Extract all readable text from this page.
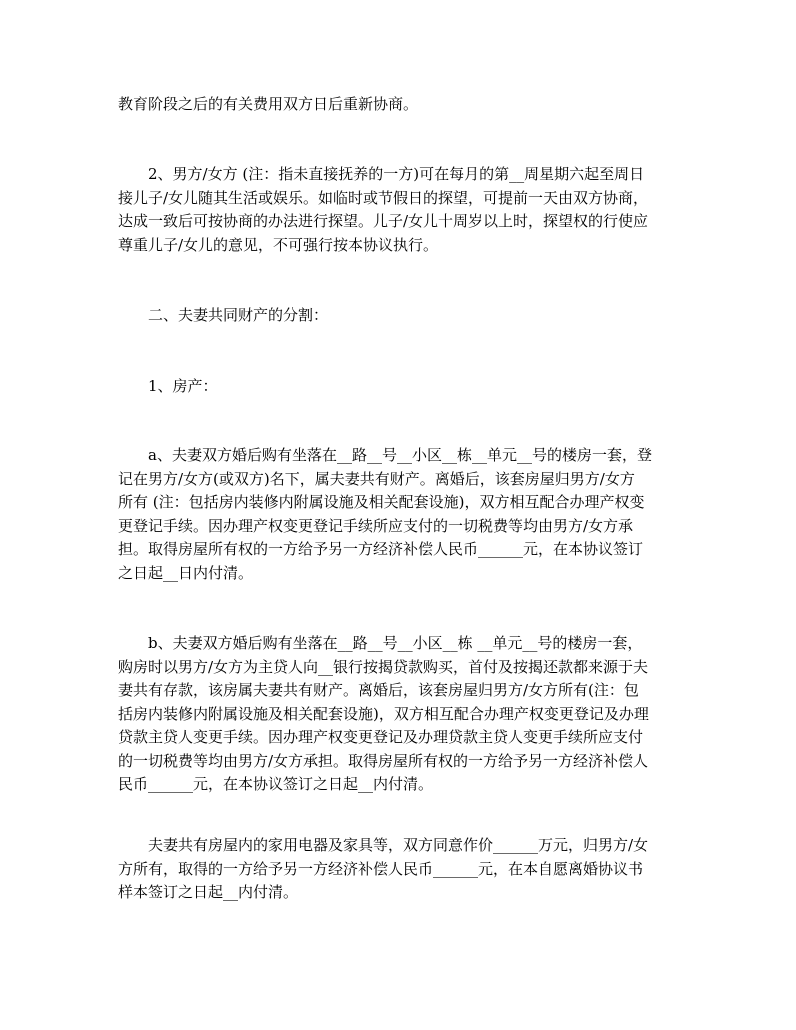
教育阶段之后的有关费用双方日后重新协商。
2、男方/女方 (注：指未直接抚养的一方)可在每月的第__周星期六起至周日
接儿子/女儿随其生活或娱乐。如临时或节假日的探望，可提前一天由双方协商，
达成一致后可按协商的办法进行探望。儿子/女儿十周岁以上时，探望权的行使应
尊重儿子/女儿的意见，不可强行按本协议执行。
二、夫妻共同财产的分割：
1、房产：
a、夫妻双方婚后购有坐落在__路__号__小区__栋__单元__号的楼房一套，登
记在男方/女方(或双方)名下，属夫妻共有财产。离婚后，该套房屋归男方/女方
所有 (注：包括房内装修内附属设施及相关配套设施)，双方相互配合办理产权变
更登记手续。因办理产权变更登记手续所应支付的一切税费等均由男方/女方承
担。取得房屋所有权的一方给予另一方经济补偿人民币______元，在本协议签订
之日起__日内付清。
b、夫妻双方婚后购有坐落在__路__号__小区__栋 __单元__号的楼房一套，
购房时以男方/女方为主贷人向__银行按揭贷款购买，首付及按揭还款都来源于夫
妻共有存款，该房属夫妻共有财产。离婚后，该套房屋归男方/女方所有(注：包
括房内装修内附属设施及相关配套设施)，双方相互配合办理产权变更登记及办理
贷款主贷人变更手续。因办理产权变更登记及办理贷款主贷人变更手续所应支付
的一切税费等均由男方/女方承担。取得房屋所有权的一方给予另一方经济补偿人
民币______元，在本协议签订之日起__内付清。
夫妻共有房屋内的家用电器及家具等，双方同意作价______万元，归男方/女
方所有，取得的一方给予另一方经济补偿人民币______元，在本自愿离婚协议书
样本签订之日起__内付清。
